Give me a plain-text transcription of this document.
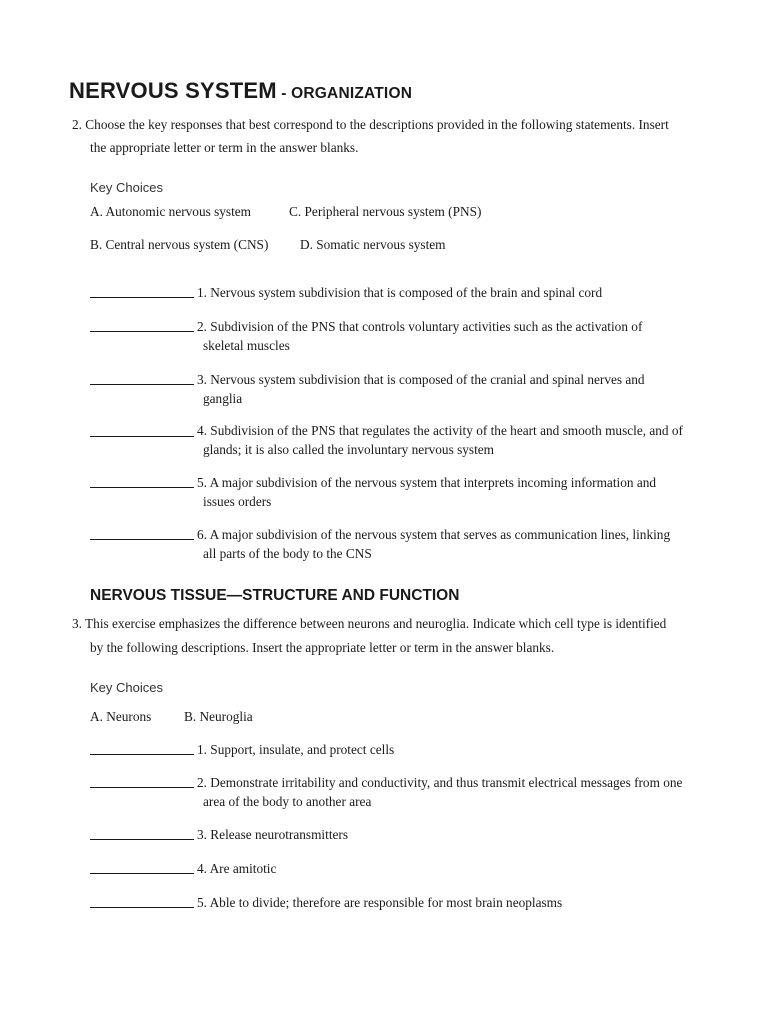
NERVOUS SYSTEM - ORGANIZATION
2. Choose the key responses that best correspond to the descriptions provided in the following statements. Insert
the appropriate letter or term in the answer blanks.
Key Choices
A. Autonomic nervous system	C. Peripheral nervous system (PNS)
B. Central nervous system (CNS) D. Somatic nervous system
1. Nervous system subdivision that is composed of the brain and spinal cord
2. Subdivision of the PNS that controls voluntary activities such as the activation of
skeletal muscles
3. Nervous system subdivision that is composed of the cranial and spinal nerves and
ganglia
4. Subdivision of the PNS that regulates the activity of the heart and smooth muscle, and of
glands; it is also called the involuntary nervous system
5. A major subdivision of the nervous system that interprets incoming information and
issues orders
6. A major subdivision of the nervous system that serves as communication lines, linking
all parts of the body to the CNS
NERVOUS TISSUE—STRUCTURE AND FUNCTION
3. This exercise emphasizes the difference between neurons and neuroglia. Indicate which cell type is identified
by the following descriptions. Insert the appropriate letter or term in the answer blanks.
Key Choices
A. Neurons B. Neuroglia
1. Support, insulate, and protect cells
2. Demonstrate irritability and conductivity, and thus transmit electrical messages from one
area of the body to another area
3. Release neurotransmitters
4. Are amitotic
5. Able to divide; therefore are responsible for most brain neoplasms
